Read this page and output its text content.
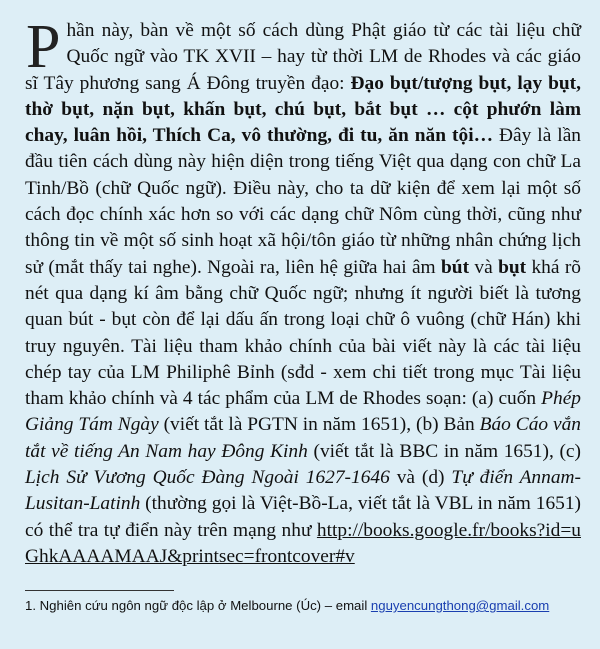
Phần này, bàn về một số cách dùng Phật giáo từ các tài liệu chữ Quốc ngữ vào TK XVII – hay từ thời LM de Rhodes và các giáo sĩ Tây phương sang Á Đông truyền đạo: Đạo bụt/tượng bụt, lạy bụt, thờ bụt, nặn bụt, khấn bụt, chú bụt, bắt bụt … cột phướn làm chay, luân hồi, Thích Ca, vô thường, đi tu, ăn năn tội… Đây là lần đầu tiên cách dùng này hiện diện trong tiếng Việt qua dạng con chữ La Tinh/Bồ (chữ Quốc ngữ). Điều này, cho ta dữ kiện để xem lại một số cách đọc chính xác hơn so với các dạng chữ Nôm cùng thời, cũng như thông tin về một số sinh hoạt xã hội/tôn giáo từ những nhân chứng lịch sử (mắt thấy tai nghe). Ngoài ra, liên hệ giữa hai âm bút và bụt khá rõ nét qua dạng kí âm bằng chữ Quốc ngữ; nhưng ít người biết là tương quan bút - bụt còn để lại dấu ấn trong loại chữ ô vuông (chữ Hán) khi truy nguyên. Tài liệu tham khảo chính của bài viết này là các tài liệu chép tay của LM Philiphê Bỉnh (sđd - xem chi tiết trong mục Tài liệu tham khảo chính và 4 tác phẩm của LM de Rhodes soạn: (a) cuốn Phép Giảng Tám Ngày (viết tắt là PGTN in năm 1651), (b) Bản Báo Cáo vắn tắt về tiếng An Nam hay Đông Kinh (viết tắt là BBC in năm 1651), (c) Lịch Sử Vương Quốc Đàng Ngoài 1627-1646 và (d) Tự điển Annam-Lusitan-Latinh (thường gọi là Việt-Bồ-La, viết tắt là VBL in năm 1651) có thể tra tự điển này trên mạng như http://books.google.fr/books?id=uGhkAAAAMAAJ&printsec=frontcover#v

1. Nghiên cứu ngôn ngữ độc lập ở Melbourne (Úc) – email nguyencungthong@gmail.com
